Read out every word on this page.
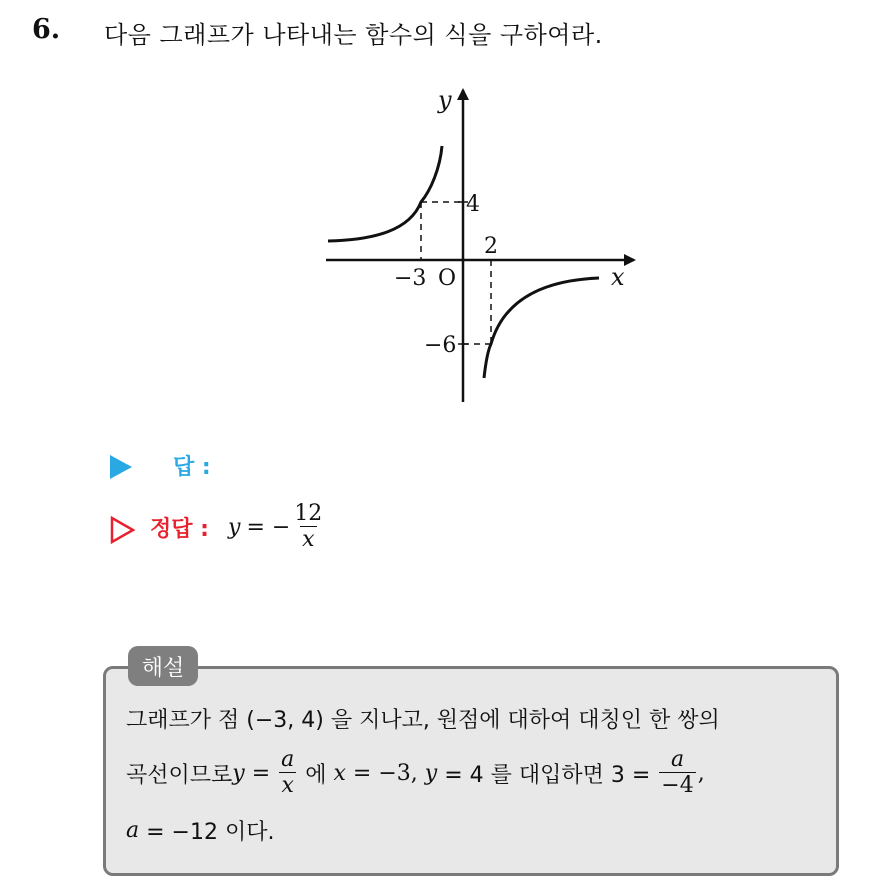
6. 다음 그래프가 나타내는 함수의 식을 구하여라.
y
x
O
−3
2
4
−6
답 :
정답 : y = − $\frac{12}{x}$
해설
그래프가 점 (−3, 4) 을 지나고, 원점에 대하여 대칭인 한 쌍의
곡선이므로 $y = \frac{a}{x}$ 에 x = −3, y = 4 를 대입하면 $3 = \frac{a}{-4}$ ,
a = −12 이다.
